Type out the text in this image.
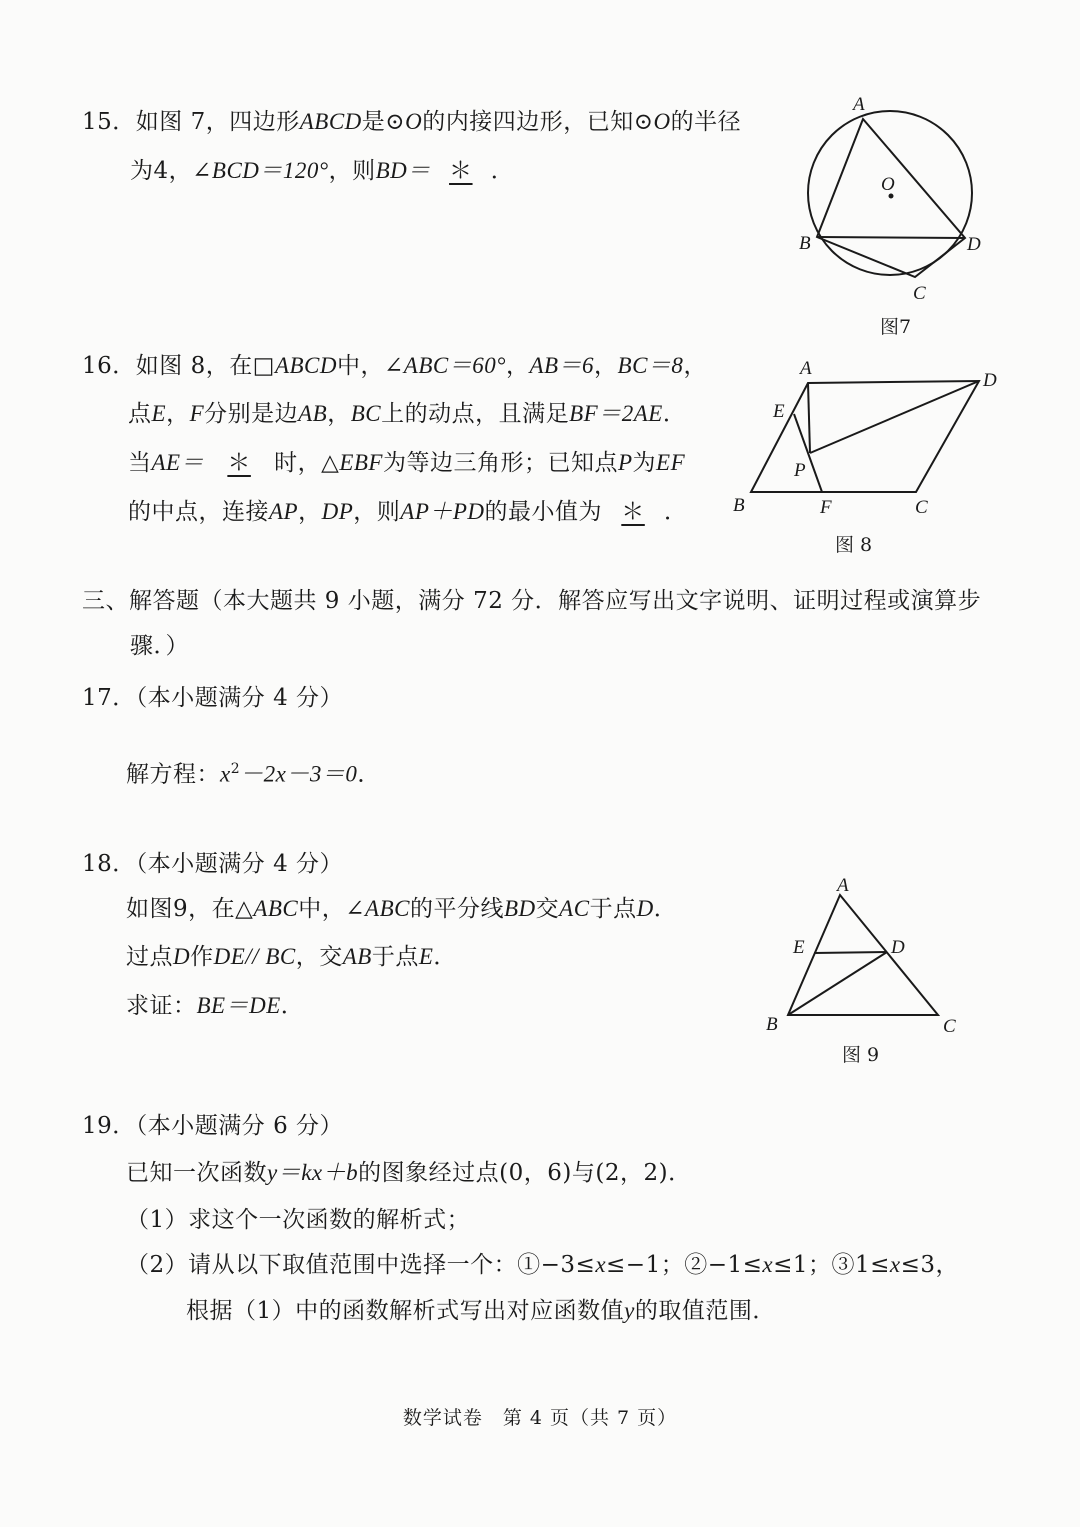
15．如图 7，四边形ABCD是⊙O的内接四边形，已知⊙O的半径
为4，∠BCD＝120°，则BD＝ ＊ ．
A
O
B	D
C
图7
16．如图 8，在□ABCD中，∠ABC＝60°，AB＝6，BC＝8，
点E，F分别是边AB，BC上的动点，且满足BF＝2AE．
当AE＝ ＊ 时，△EBF为等边三角形；已知点P为EF
的中点，连接AP，DP，则AP＋PD的最小值为 ＊ ．
A
D
E
P
B	F	C
图 8
三、解答题（本大题共 9 小题，满分 72 分．解答应写出文字说明、证明过程或演算步
骤．）
17．（本小题满分 4 分）
解方程：$x^2-2x-3=0$．
18．（本小题满分 4 分）
如图9，在△ABC中，∠ABC的平分线BD交AC于点D．
过点D作DE// BC，交AB于点E．
求证：BE＝DE．
A
E	D
B	C
图 9
19．（本小题满分 6 分）
已知一次函数y＝kx＋b的图象经过点(0，6)与(2，2)．
（1）求这个一次函数的解析式；
（2）请从以下取值范围中选择一个：①−3≤x≤−1；②−1≤x≤1；③1≤x≤3，
根据（1）中的函数解析式写出对应函数值y的取值范围．
数学试卷　第 4 页（共 7 页）
